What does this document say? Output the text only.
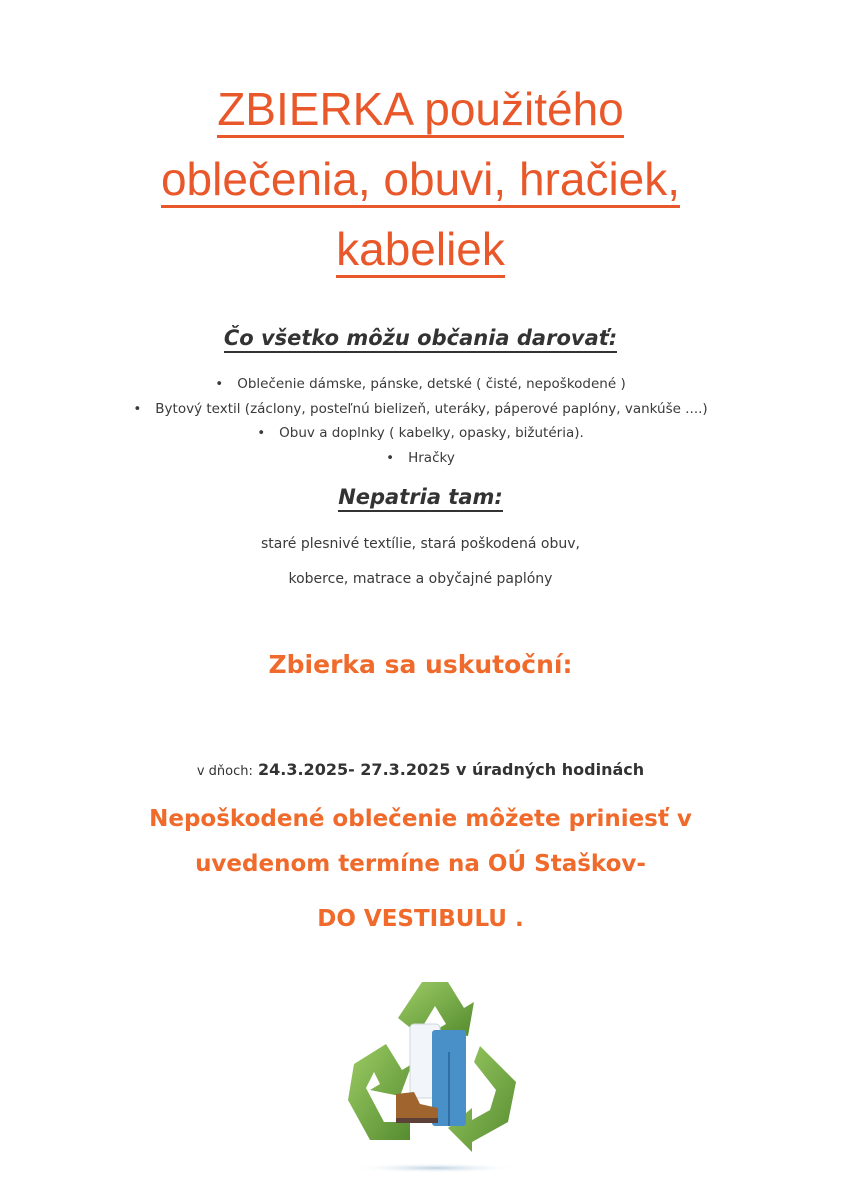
ZBIERKA použitého
oblečenia, obuvi, hračiek,
kabeliek
Čo všetko môžu občania darovať:
• Oblečenie dámske, pánske, detské ( čisté, nepoškodené )
• Bytový textil (záclony, posteľnú bielizeň, uteráky, páperové paplóny, vankúše ....)
• Obuv a doplnky ( kabelky, opasky, bižutéria).
• Hračky
Nepatria tam:
staré plesnivé textílie, stará poškodená obuv,
koberce, matrace a obyčajné paplóny
Zbierka sa uskutoční:
v dňoch: 24.3.2025- 27.3.2025 v úradných hodinách
Nepoškodené oblečenie môžete priniesť v
uvedenom termíne na OÚ Staškov-
DO VESTIBULU .
